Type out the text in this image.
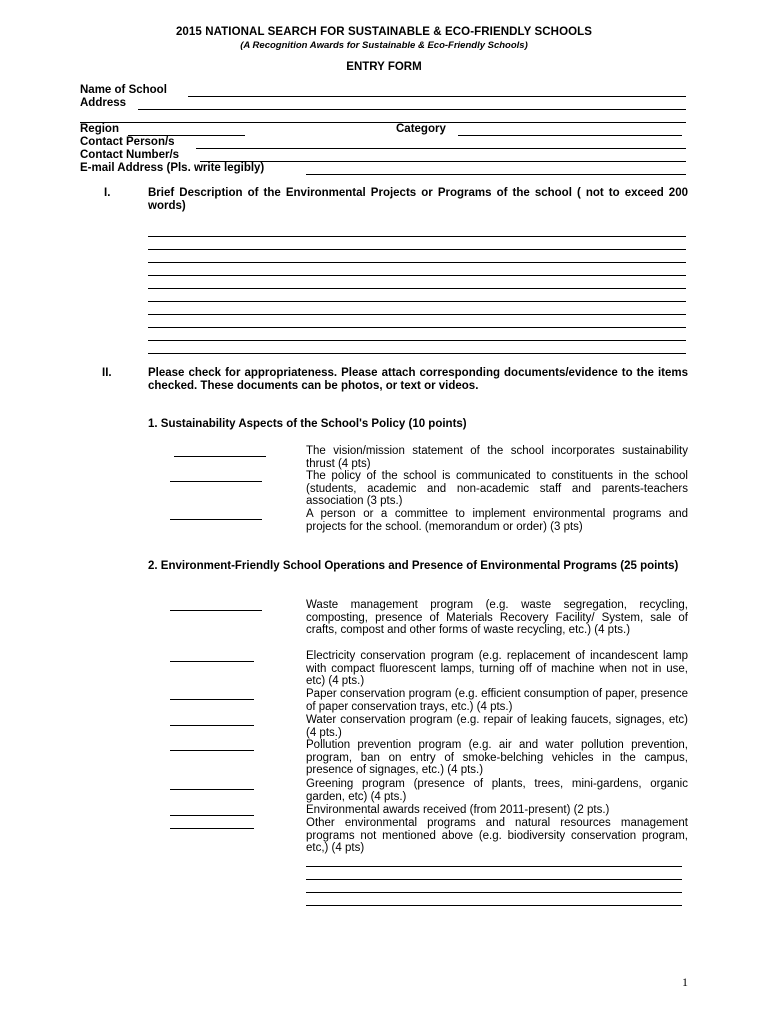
2015 NATIONAL SEARCH FOR SUSTAINABLE & ECO-FRIENDLY SCHOOLS
(A Recognition Awards for Sustainable & Eco-Friendly Schools)
ENTRY FORM
Name of School
Address
Region	Category
Contact Person/s
Contact Number/s
E-mail Address (Pls. write legibly)
I.	Brief Description of the Environmental Projects or Programs of the school ( not to exceed 200 words)
II.	Please check for appropriateness. Please attach corresponding documents/evidence to the items checked. These documents can be photos, or text or videos.
1. Sustainability Aspects of the School's Policy (10 points)
The vision/mission statement of the school incorporates sustainability thrust (4 pts)
The policy of the school is communicated to constituents in the school (students, academic and non-academic staff and parents-teachers association (3 pts.)
A person or a committee to implement environmental programs and projects for the school. (memorandum or order) (3 pts)
2. Environment-Friendly School Operations and Presence of Environmental Programs (25 points)
Waste management program (e.g. waste segregation, recycling, composting, presence of Materials Recovery Facility/ System, sale of crafts, compost and other forms of waste recycling, etc.) (4 pts.)
Electricity conservation program (e.g. replacement of incandescent lamp with compact fluorescent lamps, turning off of machine when not in use, etc) (4 pts.)
Paper conservation program (e.g. efficient consumption of paper, presence of paper conservation trays, etc.) (4 pts.)
Water conservation program (e.g. repair of leaking faucets, signages, etc) (4 pts.)
Pollution prevention program (e.g. air and water pollution prevention, program, ban on entry of smoke-belching vehicles in the campus, presence of signages, etc.) (4 pts.)
Greening program (presence of plants, trees, mini-gardens, organic garden, etc) (4 pts.)
Environmental awards received (from 2011-present) (2 pts.)
Other environmental programs and natural resources management programs not mentioned above (e.g. biodiversity conservation program, etc,) (4 pts)
1
